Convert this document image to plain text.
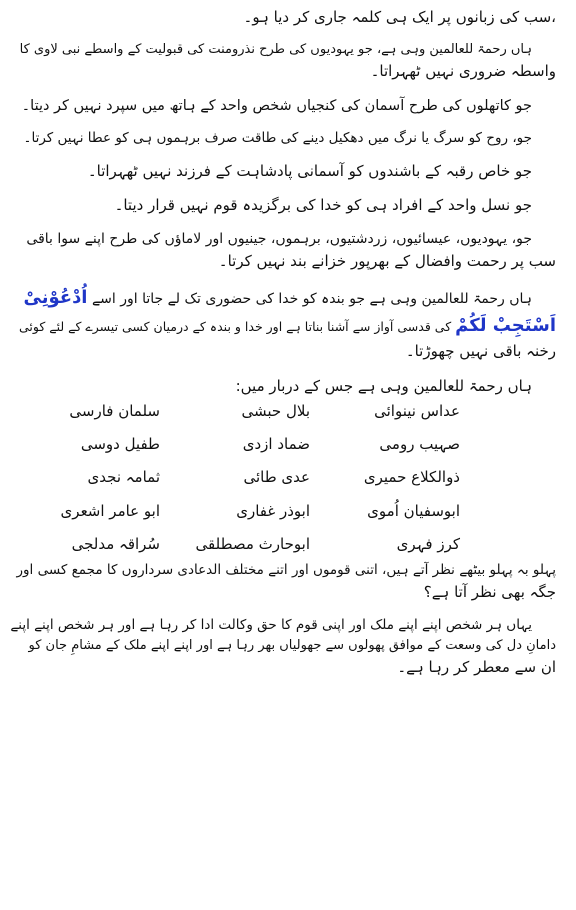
،سب کی زبانوں پر ایک ہی کلمہ جاری کر دیا ہو۔

ہاں رحمۃ للعالمین وہی ہے، جو یہودیوں کی طرح نذرومنت کی قبولیت کے واسطے نبی لاوی کا

واسطہ ضروری نہیں ٹھہراتا۔

جو کاتھلوں کی طرح آسمان کی کنجیاں شخص واحد کے ہاتھ میں سپرد نہیں کر دیتا۔

جو، روح کو سرگ یا نرگ میں دھکیل دینے کی طاقت صرف برہموں ہی کو عطا نہیں کرتا۔

جو خاص رقبہ کے باشندوں کو آسمانی پادشاہت کے فرزند نہیں ٹھہراتا۔

جو نسل واحد کے افراد ہی کو خدا کی برگزیدہ قوم نہیں قرار دیتا۔

جو، یہودیوں، عیسائیوں، زردشتیوں، برہموں، جینیوں اور لاماؤں کی طرح اپنے سوا باقی

سب پر رحمت وافضال کے بھرپور خزانے بند نہیں کرتا۔

ہاں رحمۃ للعالمین وہی ہے جو بندہ کو خدا کی حضوری تک لے جاتا اور اسے اُدْعُوْنِیْ

اَسْتَجِبْ لَکُمْ کی قدسی آواز سے آشنا بناتا ہے اور خدا و بندہ کے درمیان کسی تیسرے کے لئے کوئی

رخنہ باقی نہیں چھوڑتا۔

ہاں رحمۃ للعالمین وہی ہے جس کے دربار میں:

عداس نینوائی
بلال حبشی
سلمان فارسی
صہیب رومی
ضماد ازدی
طفیل دوسی
ذوالکلاع حمیری
عدی طائی
ثمامہ نجدی
ابوسفیان اُموی
ابوذر غفاری
ابو عامر اشعری
کرز فہری
ابوحارث مصطلقی
سُراقہ مدلجی

پہلو بہ پہلو بیٹھے نظر آتے ہیں، اتنی قوموں اور اتنے مختلف الدعادی سرداروں کا مجمع کسی اور

جگہ بھی نظر آتا ہے؟

یہاں ہر شخص اپنے اپنے ملک اور اپنی قوم کا حق وکالت ادا کر رہا ہے اور ہر شخص اپنے اپنے

دامانِ دل کی وسعت کے موافق پھولوں سے جھولیاں بھر رہا ہے اور اپنے اپنے ملک کے مشامِ جان کو

ان سے معطر کر رہا ہے۔
